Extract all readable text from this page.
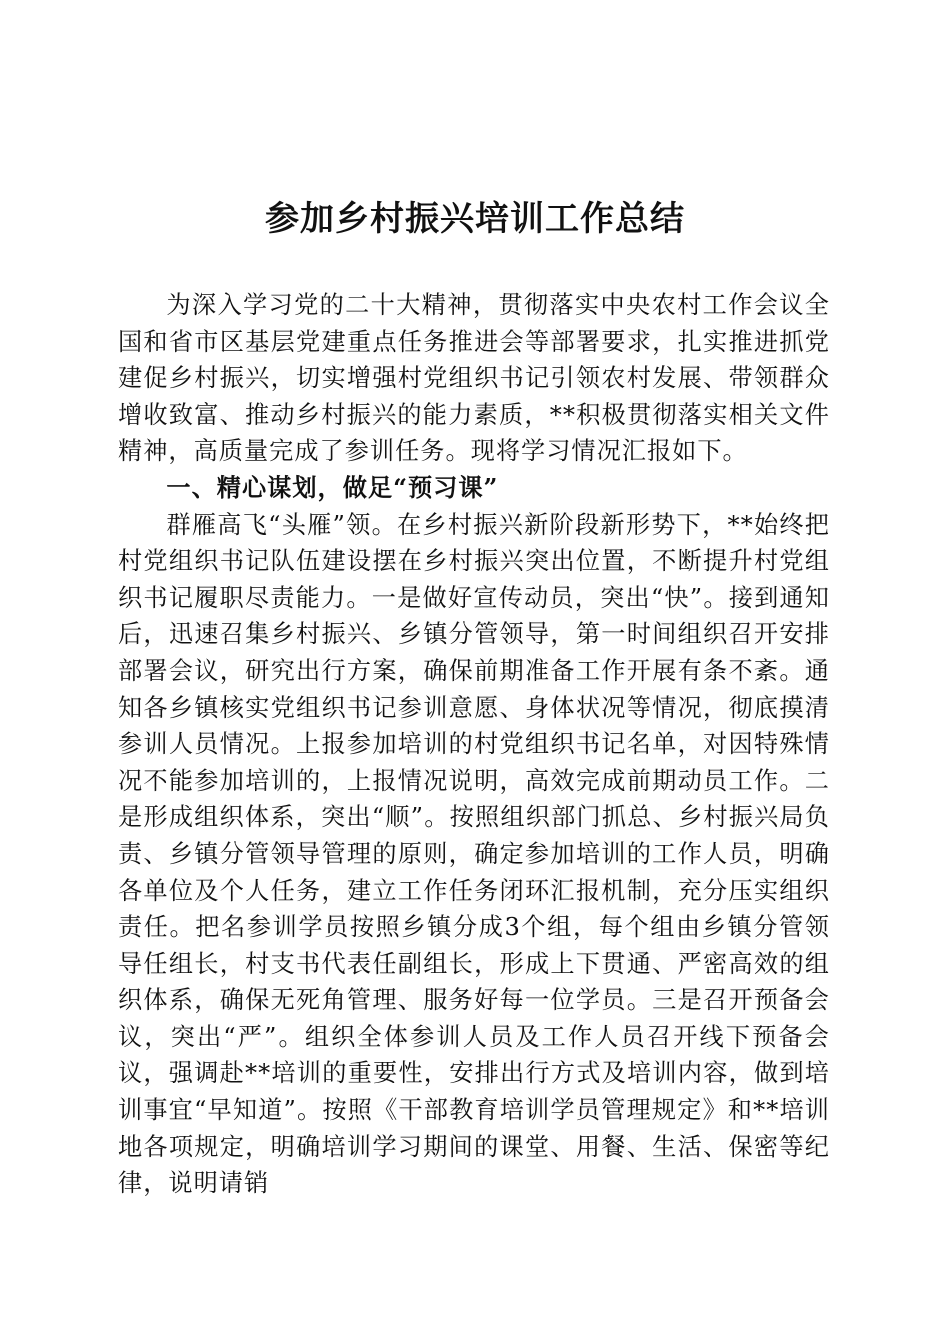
参加乡村振兴培训工作总结

为深入学习党的二十大精神，贯彻落实中央农村工作会议全国和省市区基层党建重点任务推进会等部署要求，扎实推进抓党建促乡村振兴，切实增强村党组织书记引领农村发展、带领群众增收致富、推动乡村振兴的能力素质，**积极贯彻落实相关文件精神，高质量完成了参训任务。现将学习情况汇报如下。

一、精心谋划，做足“预习课”

群雁高飞“头雁”领。在乡村振兴新阶段新形势下，**始终把村党组织书记队伍建设摆在乡村振兴突出位置，不断提升村党组织书记履职尽责能力。一是做好宣传动员，突出“快”。接到通知后，迅速召集乡村振兴、乡镇分管领导，第一时间组织召开安排部署会议，研究出行方案，确保前期准备工作开展有条不紊。通知各乡镇核实党组织书记参训意愿、身体状况等情况，彻底摸清参训人员情况。上报参加培训的村党组织书记名单，对因特殊情况不能参加培训的，上报情况说明，高效完成前期动员工作。二是形成组织体系，突出“顺”。按照组织部门抓总、乡村振兴局负责、乡镇分管领导管理的原则，确定参加培训的工作人员，明确各单位及个人任务，建立工作任务闭环汇报机制，充分压实组织责任。把名参训学员按照乡镇分成3个组，每个组由乡镇分管领导任组长，村支书代表任副组长，形成上下贯通、严密高效的组织体系，确保无死角管理、服务好每一位学员。三是召开预备会议，突出“严”。组织全体参训人员及工作人员召开线下预备会议，强调赴**培训的重要性，安排出行方式及培训内容，做到培训事宜“早知道”。按照《干部教育培训学员管理规定》和**培训地各项规定，明确培训学习期间的课堂、用餐、生活、保密等纪律，说明请销
